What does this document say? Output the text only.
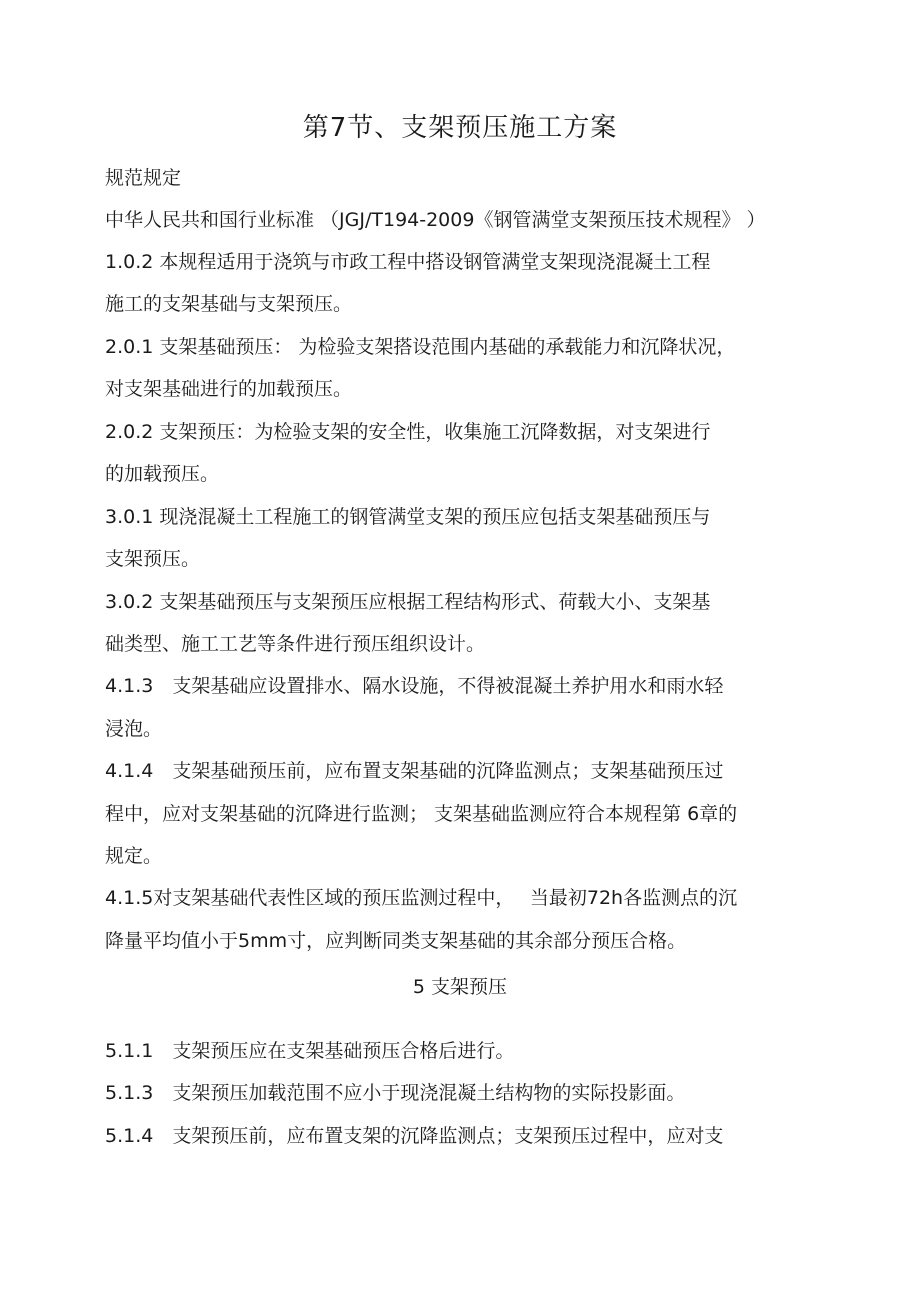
第7节、支架预压施工方案
规范规定
中华人民共和国行业标准 （JGJ/T194-2009《钢管满堂支架预压技术规程》 ）
1.0.2 本规程适用于浇筑与市政工程中搭设钢管满堂支架现浇混凝土工程
施工的支架基础与支架预压。
2.0.1 支架基础预压： 为检验支架搭设范围内基础的承载能力和沉降状况，
对支架基础进行的加载预压。
2.0.2 支架预压：为检验支架的安全性，收集施工沉降数据，对支架进行
的加载预压。
3.0.1 现浇混凝土工程施工的钢管满堂支架的预压应包括支架基础预压与
支架预压。
3.0.2 支架基础预压与支架预压应根据工程结构形式、荷载大小、支架基
础类型、施工工艺等条件进行预压组织设计。
4.1.3　支架基础应设置排水、隔水设施，不得被混凝土养护用水和雨水轻
浸泡。
4.1.4　支架基础预压前，应布置支架基础的沉降监测点；支架基础预压过
程中，应对支架基础的沉降进行监测； 支架基础监测应符合本规程第 6章的
规定。
4.1.5对支架基础代表性区域的预压监测过程中，　 当最初72h各监测点的沉
降量平均值小于5mm寸，应判断同类支架基础的其余部分预压合格。
5 支架预压
5.1.1　支架预压应在支架基础预压合格后进行。
5.1.3　支架预压加载范围不应小于现浇混凝土结构物的实际投影面。
5.1.4　支架预压前，应布置支架的沉降监测点；支架预压过程中，应对支
